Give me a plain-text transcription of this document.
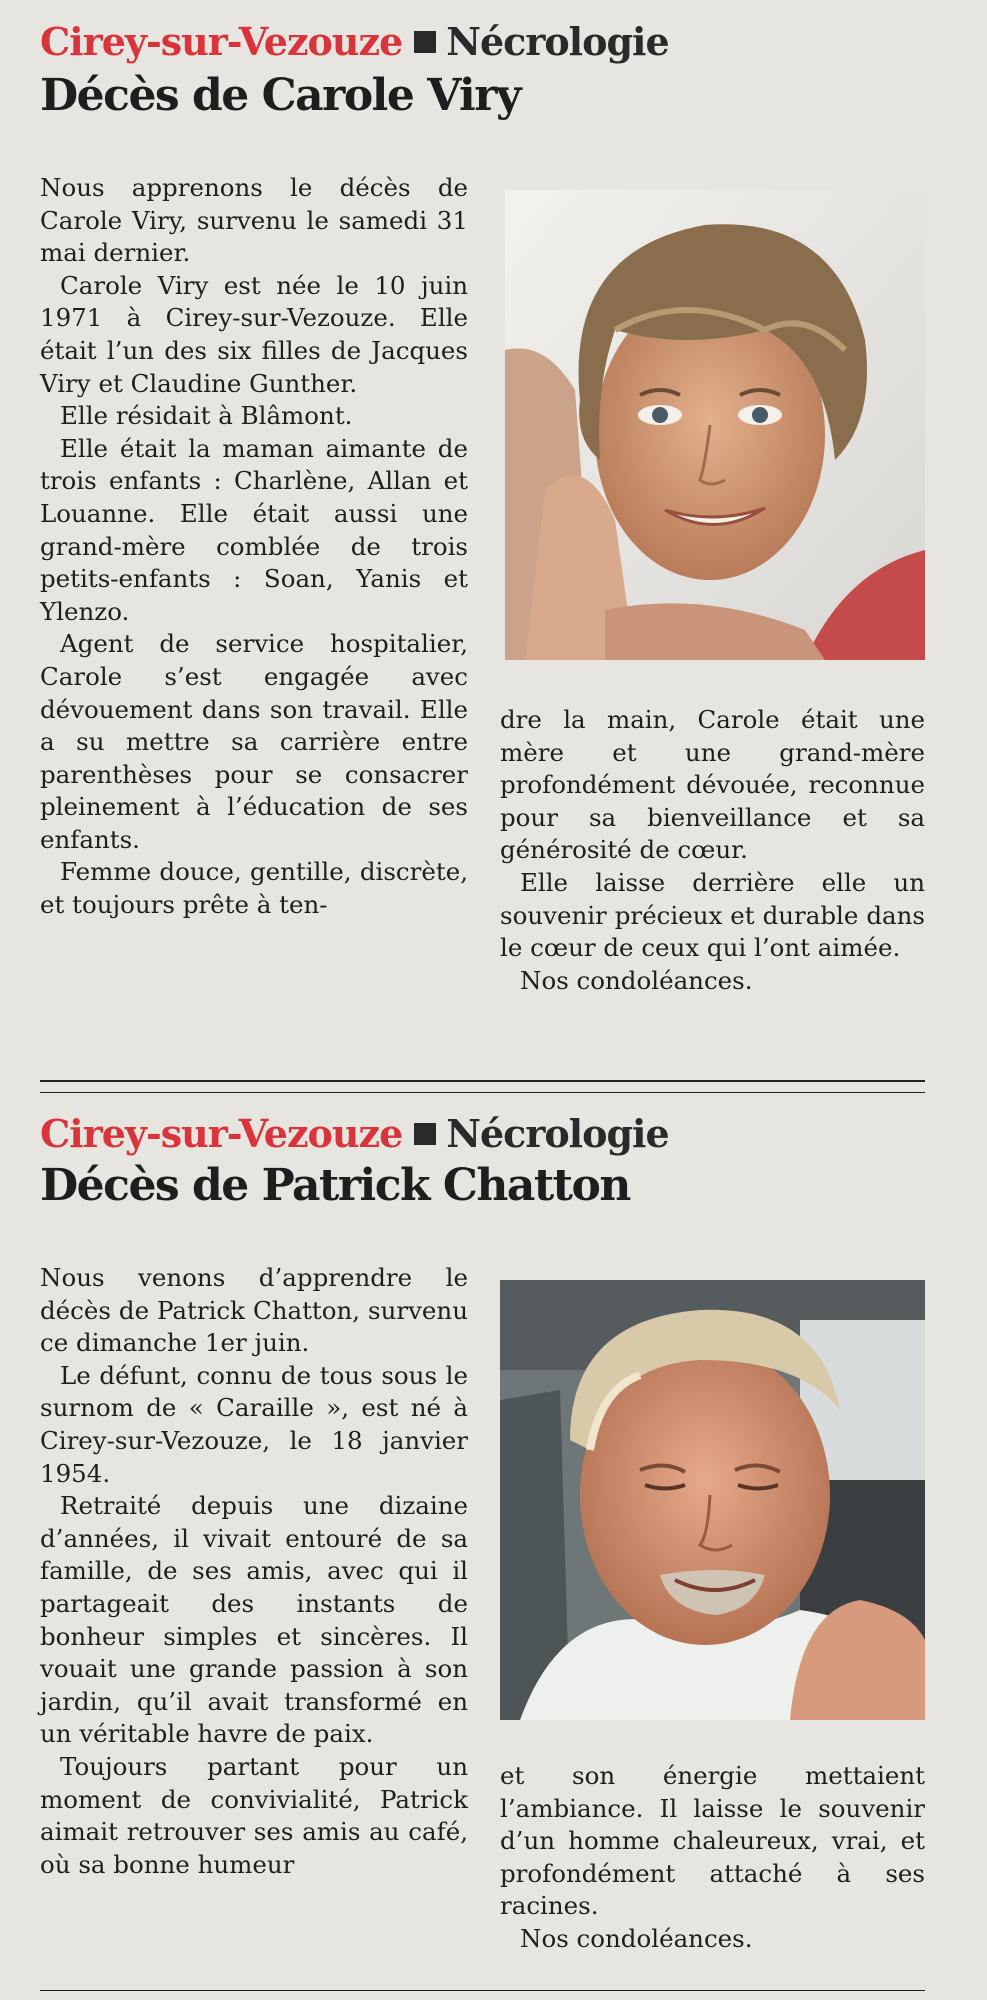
Cirey-sur-Vezouze Nécrologie
Décès de Carole Viry

Nous apprenons le décès de Carole Viry, survenu le samedi 31 mai dernier.

Carole Viry est née le 10 juin 1971 à Cirey-sur-Vezouze. Elle était l’un des six filles de Jacques Viry et Claudine Gunther.

Elle résidait à Blâmont.

Elle était la maman aimante de trois enfants : Charlène, Allan et Louanne. Elle était aussi une grand-mère comblée de trois petits-enfants : Soan, Yanis et Ylenzo.

Agent de service hospitalier, Carole s’est engagée avec dévouement dans son travail. Elle a su mettre sa carrière entre parenthèses pour se consacrer pleinement à l’éducation de ses enfants.

Femme douce, gentille, discrète, et toujours prête à ten-

dre la main, Carole était une mère et une grand-mère profondément dévouée, reconnue pour sa bienveillance et sa générosité de cœur.

Elle laisse derrière elle un souvenir précieux et durable dans le cœur de ceux qui l’ont aimée.

Nos condoléances.

Cirey-sur-Vezouze Nécrologie
Décès de Patrick Chatton

Nous venons d’apprendre le décès de Patrick Chatton, survenu ce dimanche 1er juin.

Le défunt, connu de tous sous le surnom de « Caraille », est né à Cirey-sur-Vezouze, le 18 janvier 1954.

Retraité depuis une dizaine d’années, il vivait entouré de sa famille, de ses amis, avec qui il partageait des instants de bonheur simples et sincères. Il vouait une grande passion à son jardin, qu’il avait transformé en un véritable havre de paix.

Toujours partant pour un moment de convivialité, Patrick aimait retrouver ses amis au café, où sa bonne humeur

et son énergie mettaient l’ambiance. Il laisse le souvenir d’un homme chaleureux, vrai, et profondément attaché à ses racines.

Nos condoléances.
